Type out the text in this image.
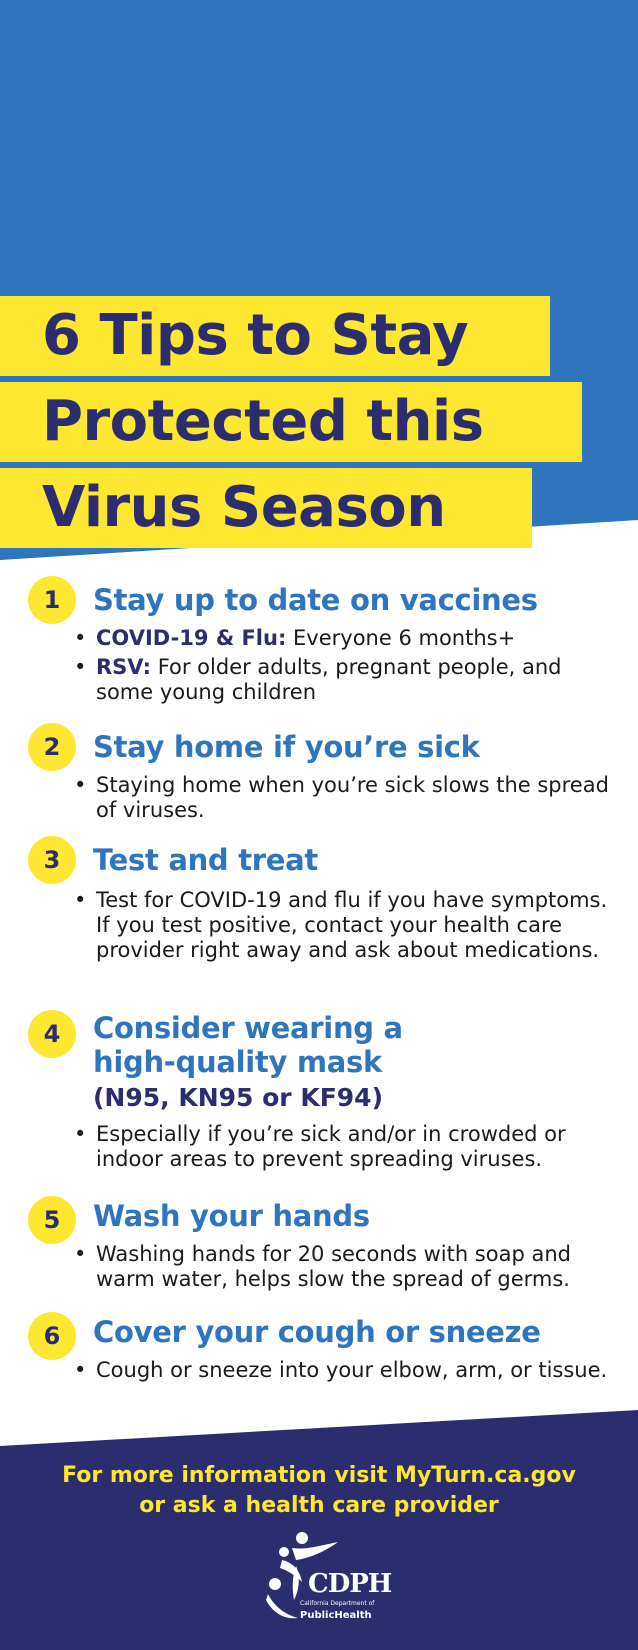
6 Tips to Stay
Protected this
Virus Season
1	Stay up to date on vaccines
• COVID-19 & Flu: Everyone 6 months+
• RSV: For older adults, pregnant people, and some young children
2	Stay home if you’re sick
• Staying home when you’re sick slows the spread of viruses.
3	Test and treat
• Test for COVID-19 and flu if you have symptoms. If you test positive, contact your health care provider right away and ask about medications.
4	Consider wearing a
high-quality mask
(N95, KN95 or KF94)
• Especially if you’re sick and/or in crowded or indoor areas to prevent spreading viruses.
5	Wash your hands
• Washing hands for 20 seconds with soap and warm water, helps slow the spread of germs.
6	Cover your cough or sneeze
• Cough or sneeze into your elbow, arm, or tissue.
For more information visit MyTurn.ca.gov
or ask a health care provider
CDPH
California Department of
PublicHealth
